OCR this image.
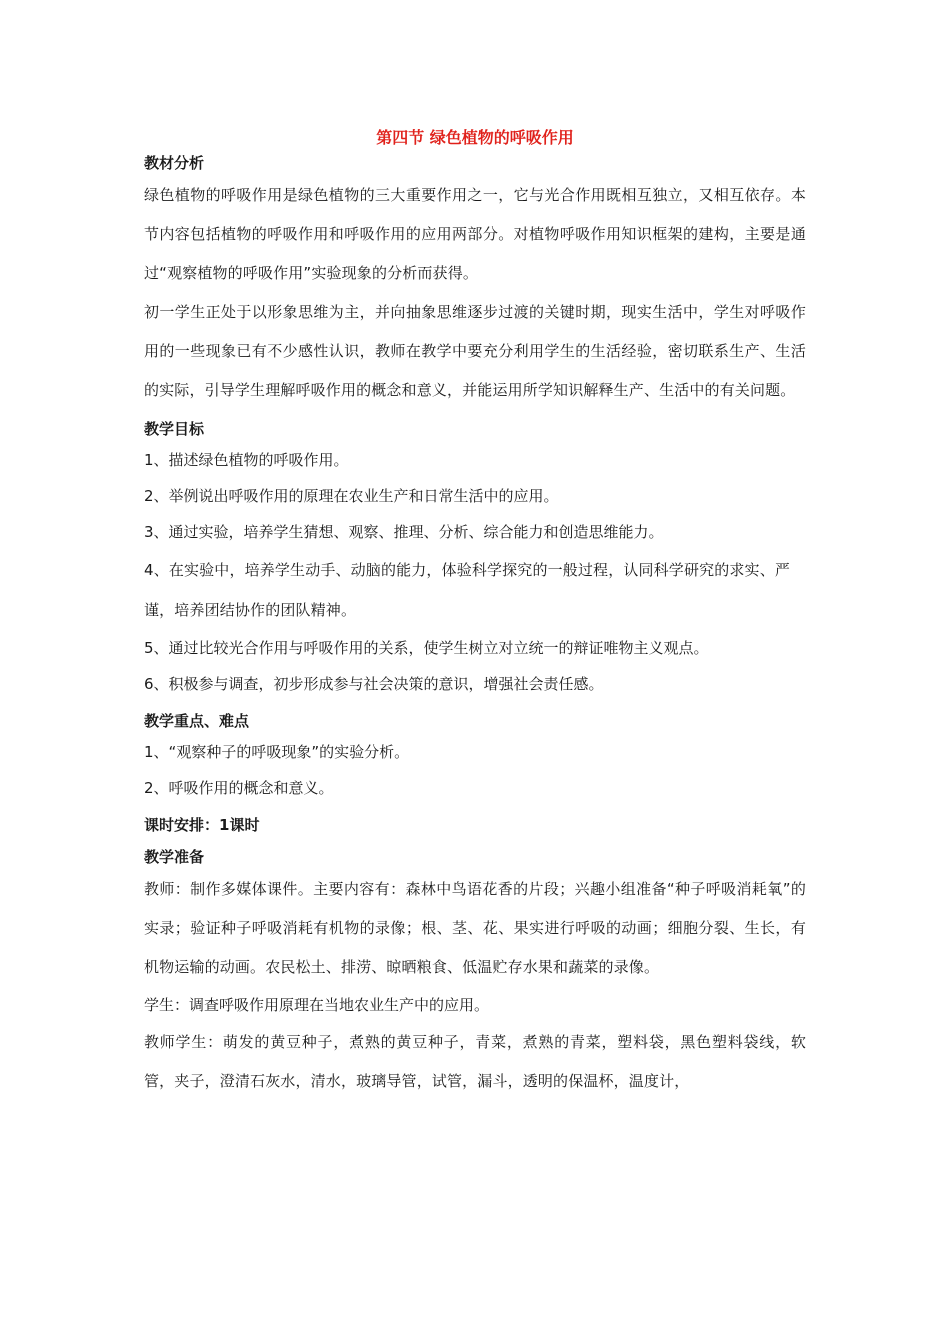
第四节 绿色植物的呼吸作用
教材分析

绿色植物的呼吸作用是绿色植物的三大重要作用之一，它与光合作用既相互独立，又相互依存。本节内容包括植物的呼吸作用和呼吸作用的应用两部分。对植物呼吸作用知识框架的建构，主要是通过“观察植物的呼吸作用”实验现象的分析而获得。

初一学生正处于以形象思维为主，并向抽象思维逐步过渡的关键时期，现实生活中，学生对呼吸作用的一些现象已有不少感性认识，教师在教学中要充分利用学生的生活经验，密切联系生产、生活的实际，引导学生理解呼吸作用的概念和意义，并能运用所学知识解释生产、生活中的有关问题。

教学目标

1、描述绿色植物的呼吸作用。

2、举例说出呼吸作用的原理在农业生产和日常生活中的应用。

3、通过实验，培养学生猜想、观察、推理、分析、综合能力和创造思维能力。

4、在实验中，培养学生动手、动脑的能力，体验科学探究的一般过程，认同科学研究的求实、严谨，培养团结协作的团队精神。

5、通过比较光合作用与呼吸作用的关系，使学生树立对立统一的辩证唯物主义观点。

6、积极参与调查，初步形成参与社会决策的意识，增强社会责任感。

教学重点、难点

1、“观察种子的呼吸现象”的实验分析。

2、呼吸作用的概念和意义。

课时安排：1课时
教学准备

教师：制作多媒体课件。主要内容有：森林中鸟语花香的片段；兴趣小组准备“种子呼吸消耗氧”的实录；验证种子呼吸消耗有机物的录像；根、茎、花、果实进行呼吸的动画；细胞分裂、生长，有机物运输的动画。农民松土、排涝、晾晒粮食、低温贮存水果和蔬菜的录像。

学生：调查呼吸作用原理在当地农业生产中的应用。

教师学生：萌发的黄豆种子，煮熟的黄豆种子，青菜，煮熟的青菜，塑料袋，黑色塑料袋线，软管，夹子，澄清石灰水，清水，玻璃导管，试管，漏斗，透明的保温杯，温度计，
